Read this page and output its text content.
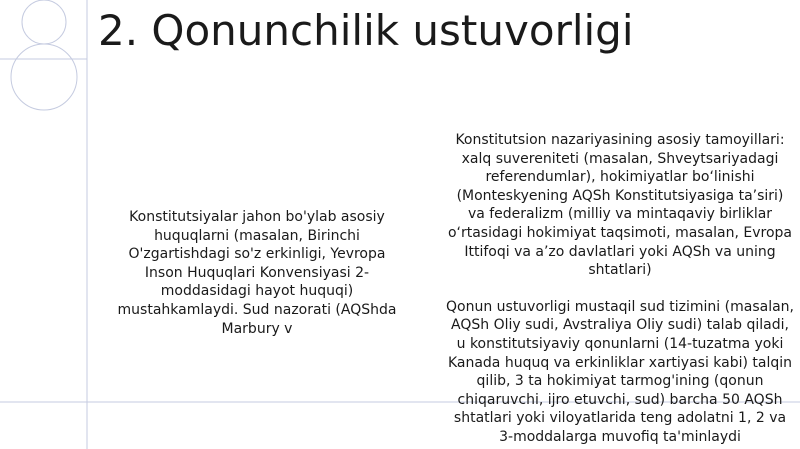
2. Qonunchilik ustuvorligi

Konstitutsiyalar jahon bo'ylab asosiy huquqlarni (masalan, Birinchi O'zgartishdagi so'z erkinligi, Yevropa Inson Huquqlari Konvensiyasi 2-moddasidagi hayot huquqi) mustahkamlaydi. Sud nazorati (AQShda Marbury v

Konstitutsion nazariyasining asosiy tamoyillari: xalq suvereniteti (masalan, Shveytsariyadagi referendumlar), hokimiyatlar bo‘linishi (Monteskyening AQSh Konstitutsiyasiga ta’siri) va federalizm (milliy va mintaqaviy birliklar o‘rtasidagi hokimiyat taqsimoti, masalan, Evropa Ittifoqi va a’zo davlatlari yoki AQSh va uning shtatlari)

Qonun ustuvorligi mustaqil sud tizimini (masalan, AQSh Oliy sudi, Avstraliya Oliy sudi) talab qiladi, u konstitutsiyaviy qonunlarni (14-tuzatma yoki Kanada huquq va erkinliklar xartiyasi kabi) talqin qilib, 3 ta hokimiyat tarmog'ining (qonun chiqaruvchi, ijro etuvchi, sud) barcha 50 AQSh shtatlari yoki viloyatlarida teng adolatni 1, 2 va 3-moddalarga muvofiq ta'minlaydi
